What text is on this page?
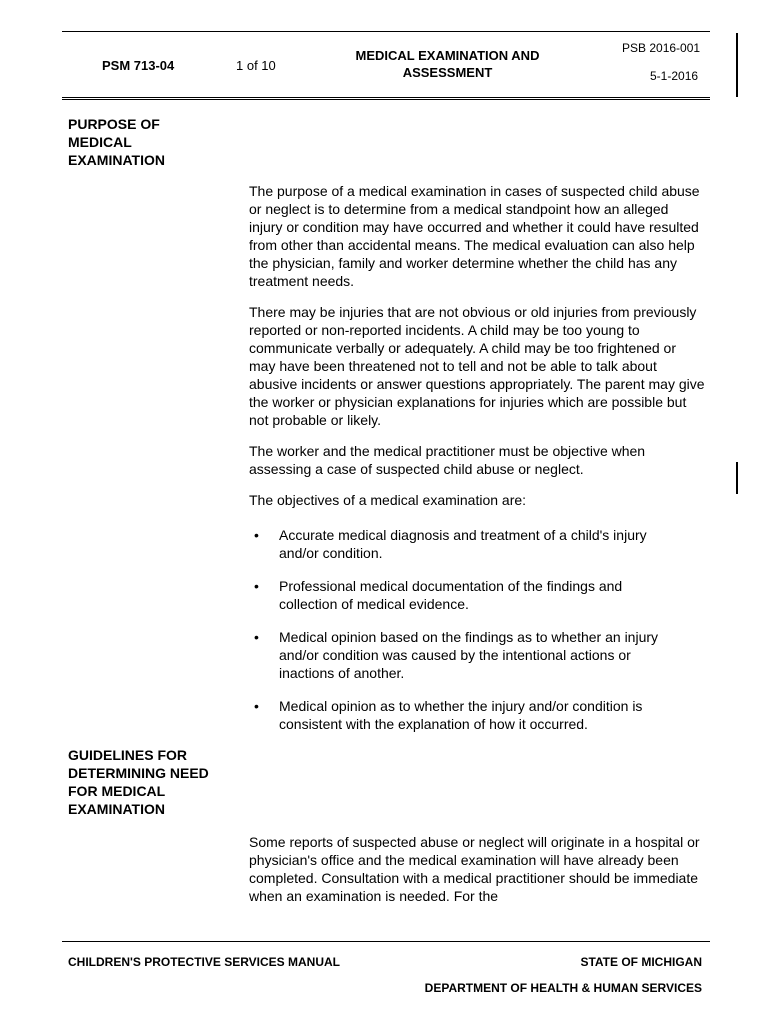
PSM 713-04	1 of 10
MEDICAL EXAMINATION AND ASSESSMENT
PSB 2016-001
5-1-2016
PURPOSE OF MEDICAL EXAMINATION

The purpose of a medical examination in cases of suspected child abuse or neglect is to determine from a medical standpoint how an alleged injury or condition may have occurred and whether it could have resulted from other than accidental means. The medical evaluation can also help the physician, family and worker determine whether the child has any treatment needs.

There may be injuries that are not obvious or old injuries from previously reported or non-reported incidents. A child may be too young to communicate verbally or adequately. A child may be too frightened or may have been threatened not to tell and not be able to talk about abusive incidents or answer questions appropriately. The parent may give the worker or physician explanations for injuries which are possible but not probable or likely.

The worker and the medical practitioner must be objective when assessing a case of suspected child abuse or neglect.

The objectives of a medical examination are:

• Accurate medical diagnosis and treatment of a child's injury and/or condition.
• Professional medical documentation of the findings and collection of medical evidence.
• Medical opinion based on the findings as to whether an injury and/or condition was caused by the intentional actions or inactions of another.
• Medical opinion as to whether the injury and/or condition is consistent with the explanation of how it occurred.
GUIDELINES FOR DETERMINING NEED FOR MEDICAL EXAMINATION

Some reports of suspected abuse or neglect will originate in a hospital or physician's office and the medical examination will have already been completed. Consultation with a medical practitioner should be immediate when an examination is needed. For the

CHILDREN'S PROTECTIVE SERVICES MANUAL	STATE OF MICHIGAN
DEPARTMENT OF HEALTH & HUMAN SERVICES
